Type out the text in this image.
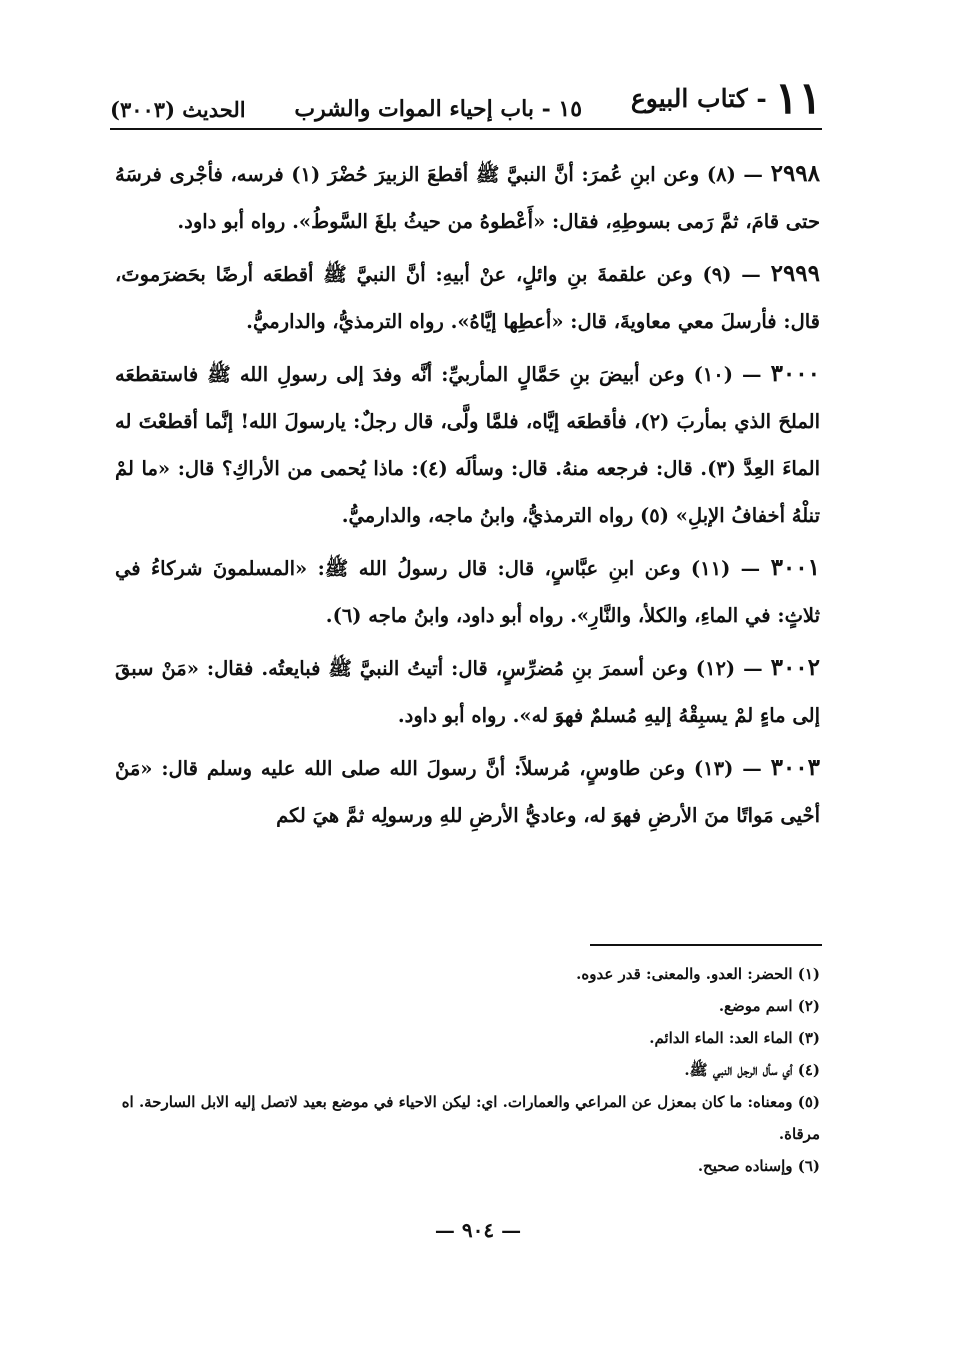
١١- كتاب البيوع
١٥ - باب إحياء الموات والشرب
الحديث (٣٠٠٣)

٢٩٩٨ — (٨) وعن ابنِ عُمرَ: أنَّ النبيَّ ﷺ أقطعَ الزبيرَ حُضْرَ (١) فرسه، فأجْرى فرسَهُ حتى قامَ، ثمَّ رَمى بسوطِهِ، فقال: «أَعْطوهُ من حيثُ بلغَ السَّوطُ». رواه أبو داود.

٢٩٩٩ — (٩) وعن علقمةَ بنِ وائلٍ، عنْ أبيهِ: أنَّ النبيَّ ﷺ أقطعَه أرضًا بحَضرَموتَ، قال: فأرسلَ معي معاويةَ، قال: «أعطِها إيَّاهُ». رواه الترمذيُّ، والدارميُّ.

٣٠٠٠ — (١٠) وعن أبيضَ بنِ حَمَّالٍ المأربيِّ: أنَّه وفدَ إلى رسولِ الله ﷺ فاستقطعَه الملحَ الذي بمأربَ (٢)، فأقطعَه إيَّاه، فلمَّا ولَّى، قال رجلٌ: يارسولَ الله! إنَّما أقطعْتَ له الماءَ العِدَّ (٣). قال: فرجعه منهُ. قال: وسألَه (٤): ماذا يُحمى من الأراكِ؟ قال: «ما لمْ تنلْهُ أخفافُ الإبلِ» (٥) رواه الترمذيُّ، وابنُ ماجه، والدارميُّ.

٣٠٠١ — (١١) وعن ابنِ عبَّاسٍ، قال: قال رسولُ الله ﷺ: «المسلمونَ شركاءُ في ثلاثٍ: في الماءِ، والكلأ، والنَّارِ». رواه أبو داود، وابنُ ماجه (٦).

٣٠٠٢ — (١٢) وعن أسمرَ بنِ مُضرِّسٍ، قال: أتيتُ النبيَّ ﷺ فبايعتُه. فقال: «مَنْ سبقَ إلى ماءٍ لمْ يسبِقْهُ إليهِ مُسلمٌ فهوَ له». رواه أبو داود.

٣٠٠٣ — (١٣) وعن طاوسٍ، مُرسلاً: أنَّ رسولَ الله صلى الله عليه وسلم قال: «مَنْ أحْيى مَواتًا منَ الأرضِ فهوَ له، وعاديُّ الأرضِ للهِ ورسولِه ثمَّ هيَ لكم

(١) الحضر: العدو. والمعنى: قدر عدوه.

(٢) اسم موضع.

(٣) الماء العد: الماء الدائم.

(٤) أي سأل الرجل النبي ﷺ.

(٥) ومعناه: ما كان بمعزل عن المراعي والعمارات. اي: ليكن الاحياء في موضع بعيد لاتصل إليه الابل السارحة. اه مرقاة.

(٦) وإسناده صحيح.

— ٩٠٤ —
